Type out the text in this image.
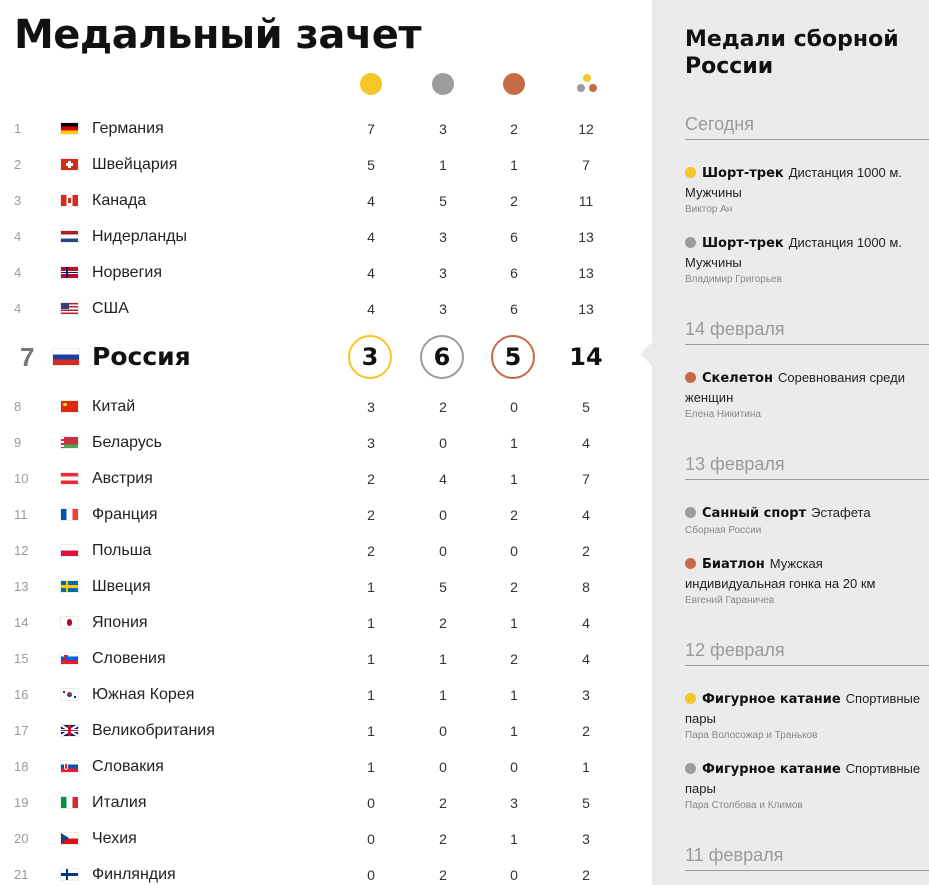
Медальный зачет
1	Германия	7	3	2	12
2	Швейцария	5	1	1	7
3	Канада	4	5	2	11
4	Нидерланды	4	3	6	13
4	Норвегия	4	3	6	13
4	США	4	3	6	13
7	Россия	3	6	5	14
8	Китай	3	2	0	5
9	Беларусь	3	0	1	4
10	Австрия	2	4	1	7
11	Франция	2	0	2	4
12	Польша	2	0	0	2
13	Швеция	1	5	2	8
14	Япония	1	2	1	4
15	Словения	1	1	2	4
16	Южная Корея	1	1	1	3
17	Великобритания	1	0	1	2
18	Словакия	1	0	0	1
19	Италия	0	2	3	5
20	Чехия	0	2	1	3
21	Финляндия	0	2	0	2
Медали сборной России
Сегодня
Шорт-трек Дистанция 1000 м. Мужчины
Виктор Ан
Шорт-трек Дистанция 1000 м. Мужчины
Владимир Григорьев
14 февраля
Скелетон Соревнования среди женщин
Елена Никитина
13 февраля
Санный спорт Эстафета
Сборная России
Биатлон Мужская индивидуальная гонка на 20 км
Евгений Гараничев
12 февраля
Фигурное катание Спортивные пары
Пара Волосожар и Траньков
Фигурное катание Спортивные пары
Пара Столбова и Климов
11 февраля
